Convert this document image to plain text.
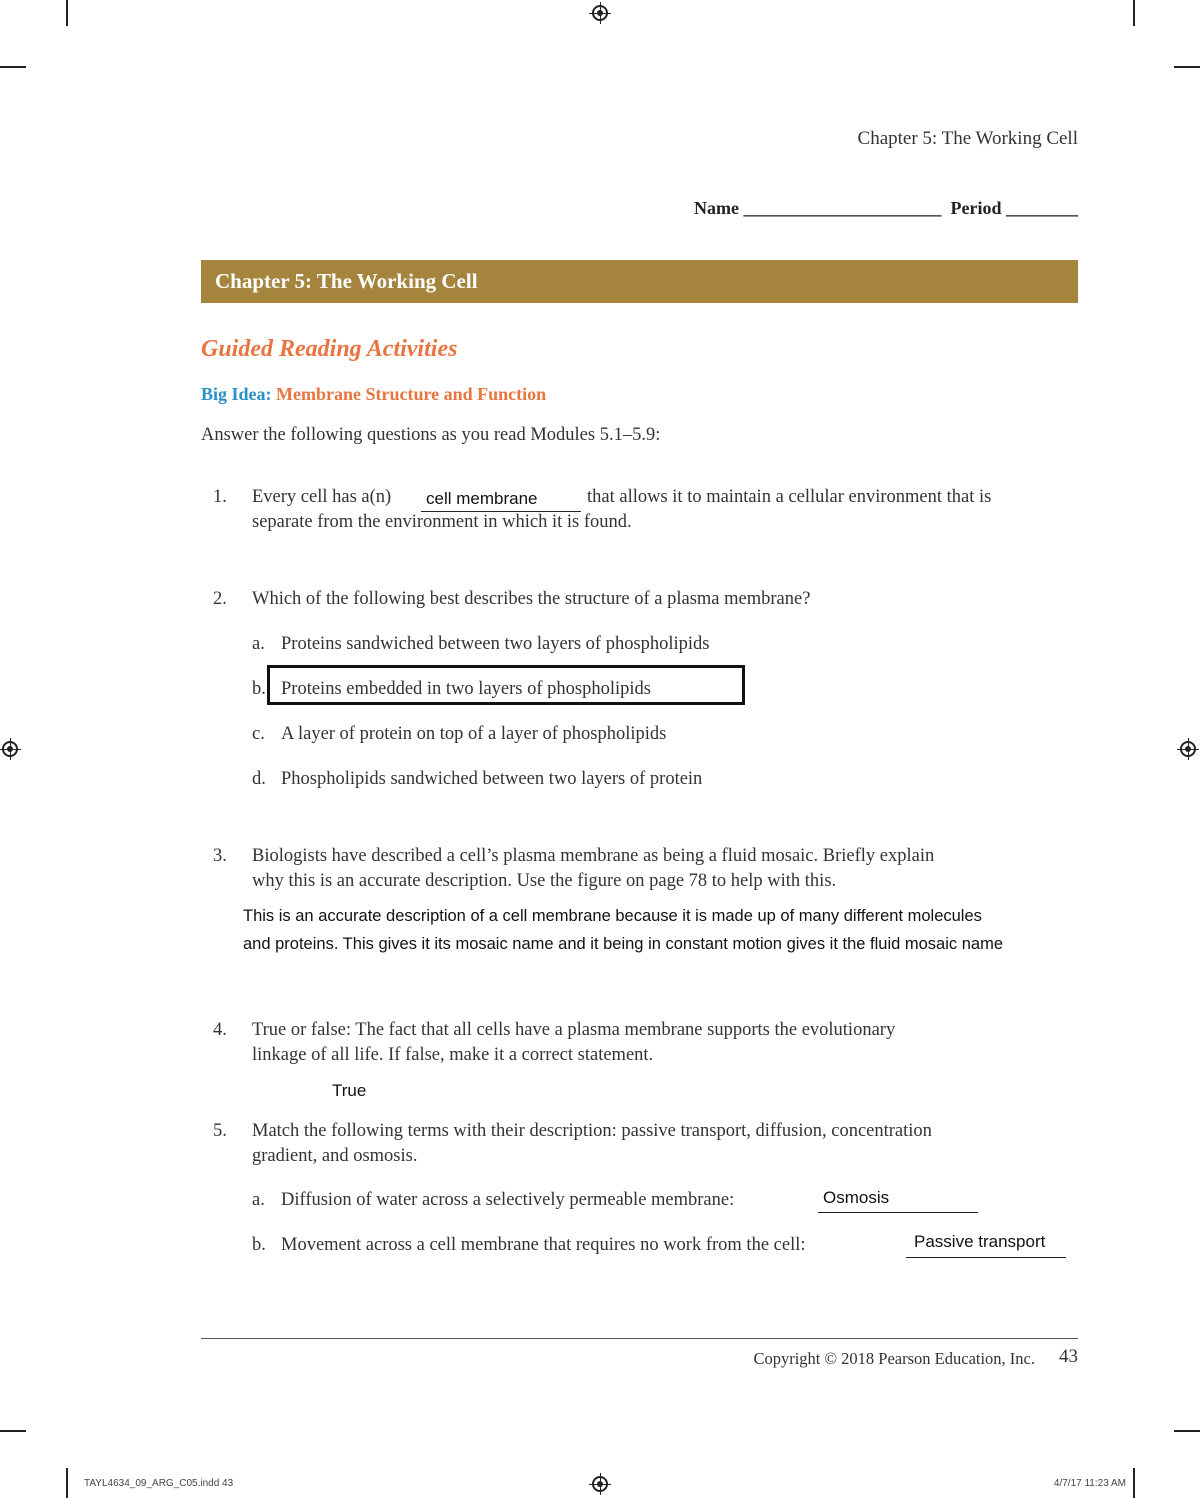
Chapter 5: The Working Cell
Name ______________________  Period ________
Chapter 5: The Working Cell
Guided Reading Activities
Big Idea: Membrane Structure and Function
Answer the following questions as you read Modules 5.1–5.9:
1. Every cell has a(n) cell membrane	that allows it to maintain a cellular environment that is
separate from the environment in which it is found.
2. Which of the following best describes the structure of a plasma membrane?
a. Proteins sandwiched between two layers of phospholipids
b. Proteins embedded in two layers of phospholipids
c. A layer of protein on top of a layer of phospholipids
d. Phospholipids sandwiched between two layers of protein
3. Biologists have described a cell’s plasma membrane as being a fluid mosaic. Briefly explain
why this is an accurate description. Use the figure on page 78 to help with this.
This is an accurate description of a cell membrane because it is made up of many different molecules
and proteins. This gives it its mosaic name and it being in constant motion gives it the fluid mosaic name
4. True or false: The fact that all cells have a plasma membrane supports the evolutionary
linkage of all life. If false, make it a correct statement.
True
5. Match the following terms with their description: passive transport, diffusion, concentration
gradient, and osmosis.
a. Diffusion of water across a selectively permeable membrane:	Osmosis
b. Movement across a cell membrane that requires no work from the cell:	Passive transport
Copyright © 2018 Pearson Education, Inc. 43
TAYL4634_09_ARG_C05.indd 43	4/7/17 11:23 AM
